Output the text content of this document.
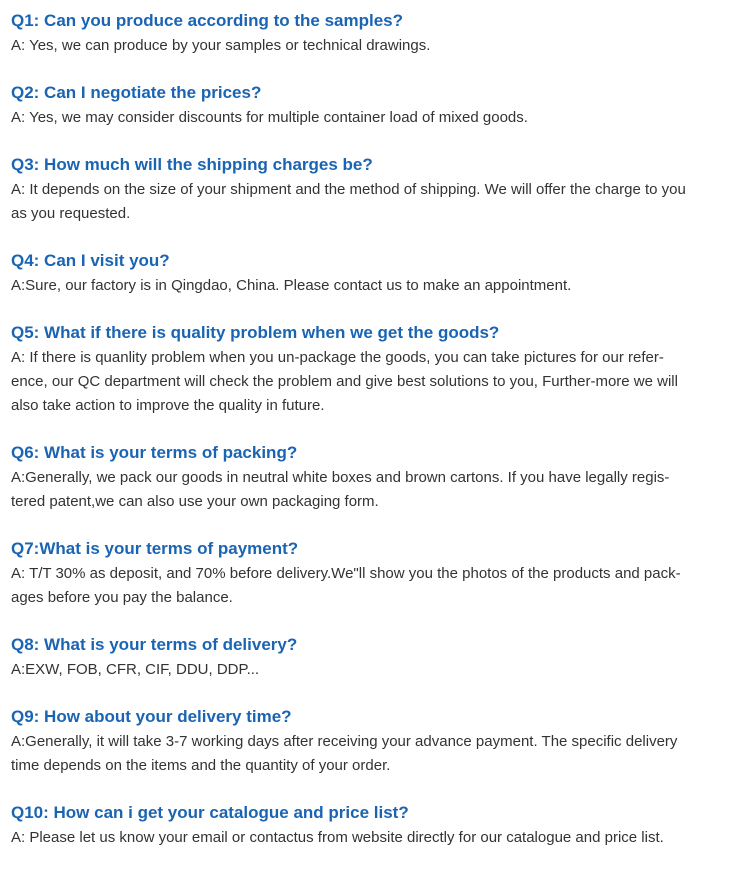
Q1: Can you produce according to the samples?
A: Yes, we can produce by your samples or technical drawings.
Q2: Can I negotiate the prices?
A: Yes, we may consider discounts for multiple container load of mixed goods.
Q3: How much will the shipping charges be?
A: It depends on the size of your shipment and the method of shipping. We will offer the charge to you
as you requested.
Q4: Can I visit you?
A:Sure, our factory is in Qingdao, China. Please contact us to make an appointment.
Q5: What if there is quality problem when we get the goods?
A: If there is quanlity problem when you un-package the goods, you can take pictures for our refer-
ence, our QC department will check the problem and give best solutions to you, Further-more we will
also take action to improve the quality in future.
Q6: What is your terms of packing?
A:Generally, we pack our goods in neutral white boxes and brown cartons. If you have legally regis-
tered patent,we can also use your own packaging form.
Q7:What is your terms of payment?
A: T/T 30% as deposit, and 70% before delivery.We"ll show you the photos of the products and pack-
ages before you pay the balance.
Q8: What is your terms of delivery?
A:EXW, FOB, CFR, CIF, DDU, DDP...
Q9: How about your delivery time?
A:Generally, it will take 3-7 working days after receiving your advance payment. The specific delivery
time depends on the items and the quantity of your order.
Q10: How can i get your catalogue and price list?
A: Please let us know your email or contactus from website directly for our catalogue and price list.
